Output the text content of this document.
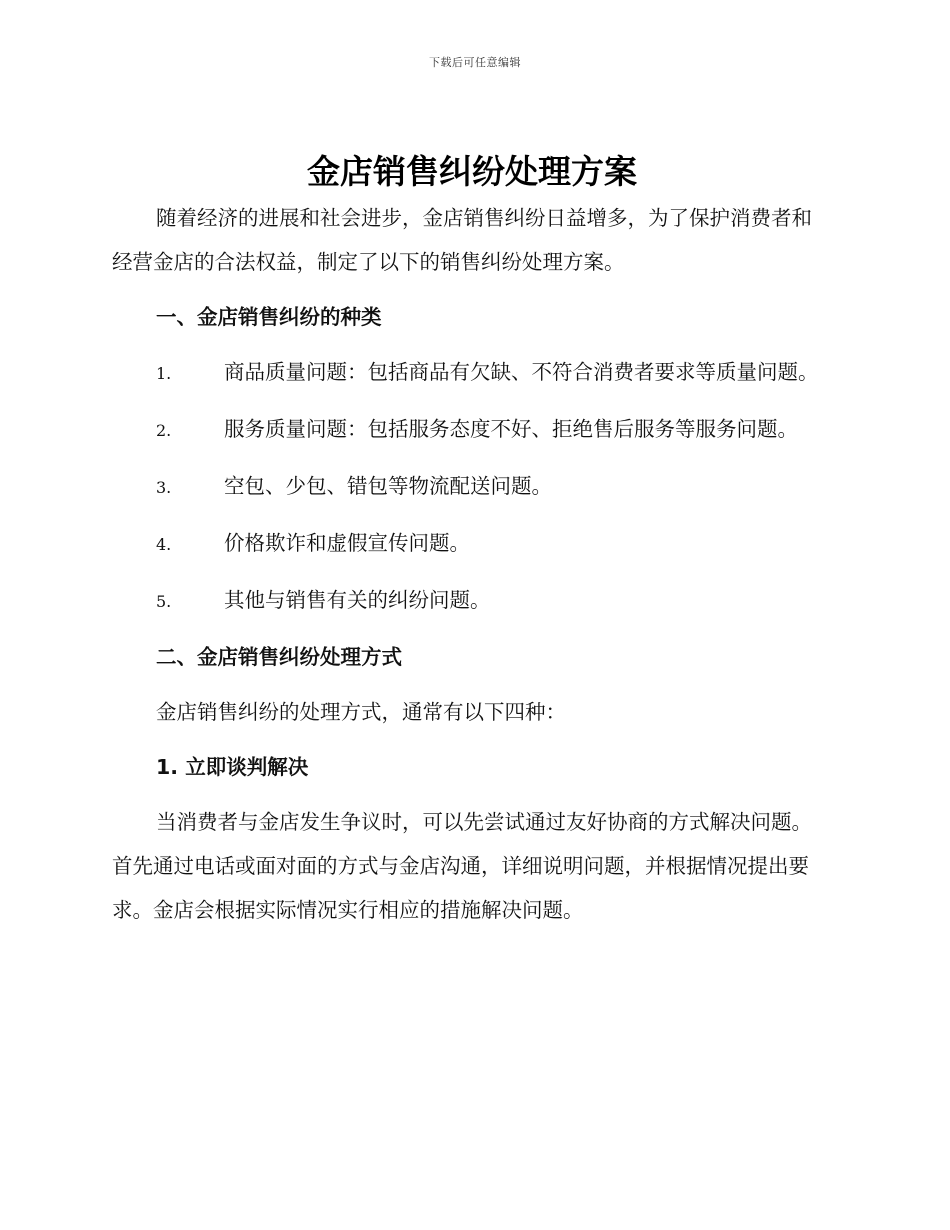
下载后可任意编辑
金店销售纠纷处理方案

随着经济的进展和社会进步，金店销售纠纷日益增多，为了保护消费者和经营金店的合法权益，制定了以下的销售纠纷处理方案。

一、金店销售纠纷的种类

1.	商品质量问题：包括商品有欠缺、不符合消费者要求等质量问题。

2.	服务质量问题：包括服务态度不好、拒绝售后服务等服务问题。

3.	空包、少包、错包等物流配送问题。

4.	价格欺诈和虚假宣传问题。

5.	其他与销售有关的纠纷问题。

二、金店销售纠纷处理方式

金店销售纠纷的处理方式，通常有以下四种：

1. 立即谈判解决

当消费者与金店发生争议时，可以先尝试通过友好协商的方式解决问题。首先通过电话或面对面的方式与金店沟通，详细说明问题，并根据情况提出要求。金店会根据实际情况实行相应的措施解决问题。
